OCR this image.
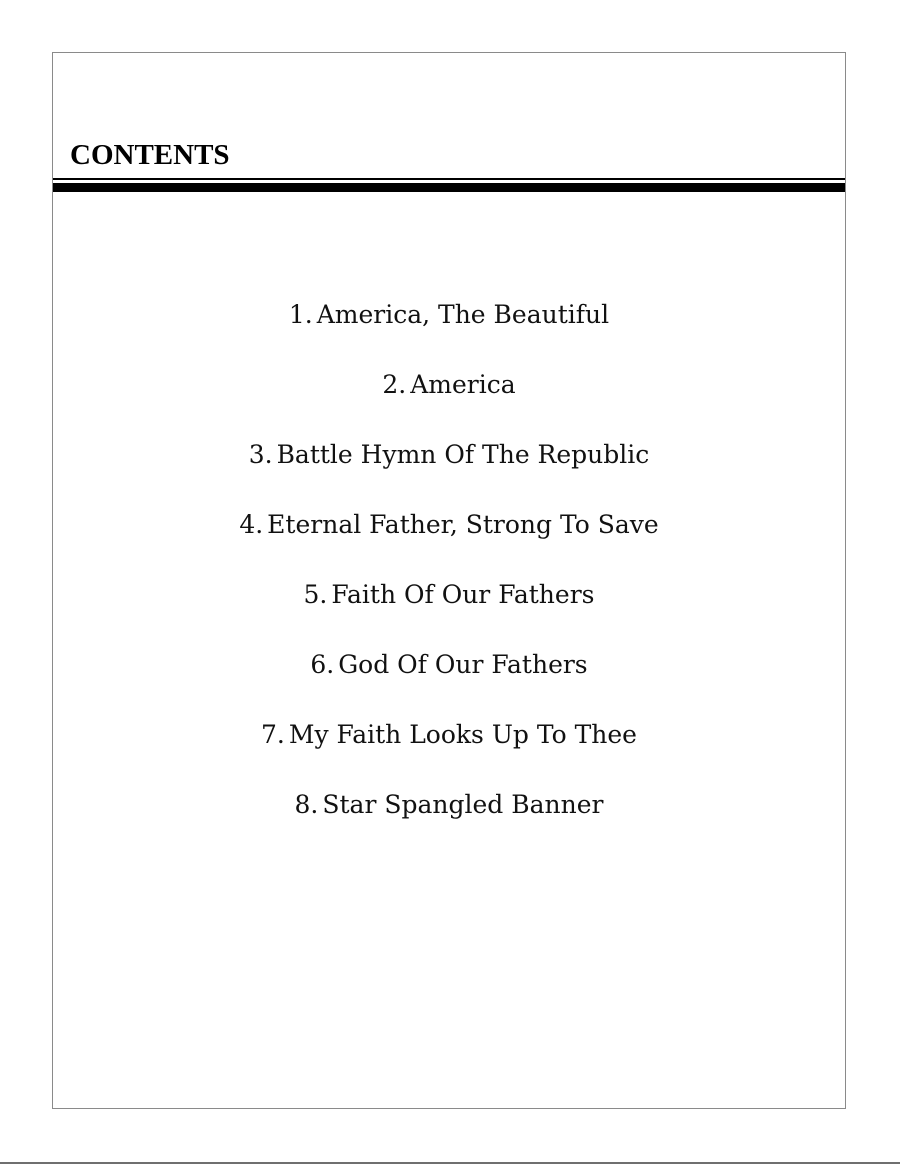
CONTENTS
1. America, The Beautiful
2. America
3. Battle Hymn Of The Republic
4. Eternal Father, Strong To Save
5. Faith Of Our Fathers
6. God Of Our Fathers
7. My Faith Looks Up To Thee
8. Star Spangled Banner
